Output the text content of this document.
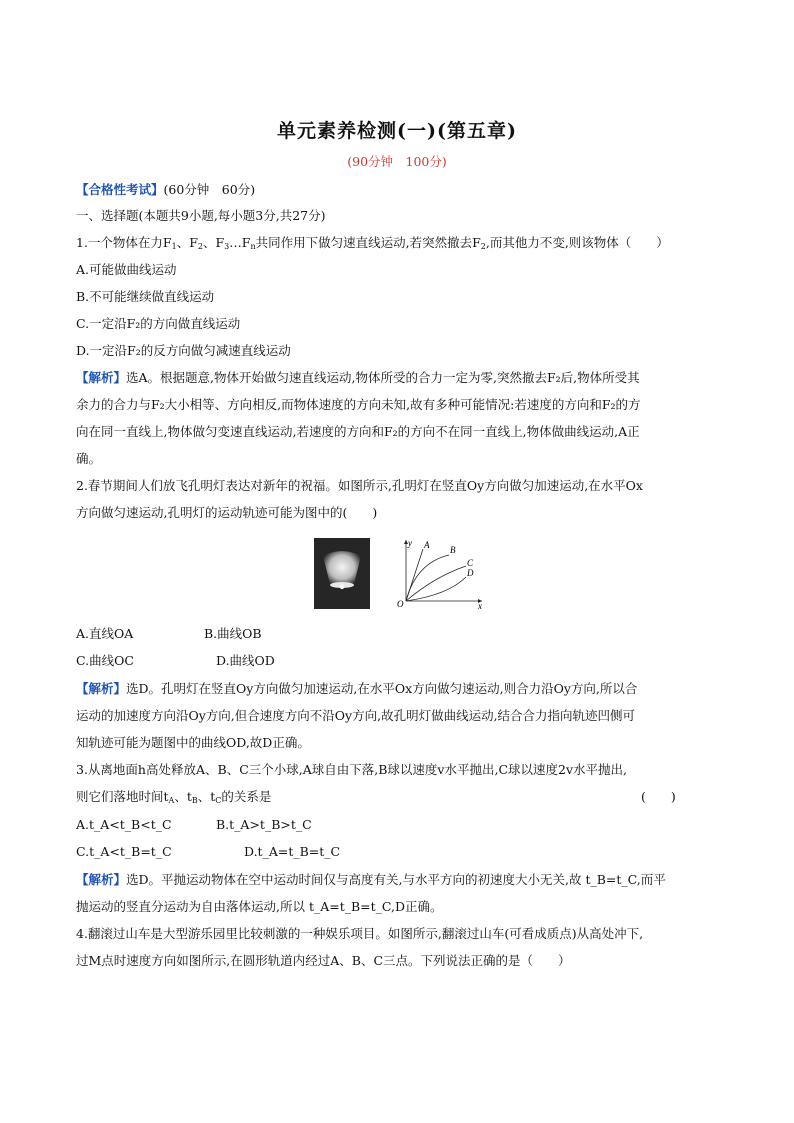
单元素养检测(一)(第五章)
(90分钟　100分)
【合格性考试】(60分钟　60分)
一、选择题(本题共9小题,每小题3分,共27分)
1.一个物体在力$F_1$、$F_2$、$F_3\dots F_n$共同作用下做匀速直线运动,若突然撤去$F_2$,而其他力不变,则该物体（　　）
A.可能做曲线运动
B.不可能继续做直线运动
C.一定沿F₂的方向做直线运动
D.一定沿F₂的反方向做匀减速直线运动
【解析】选A。根据题意,物体开始做匀速直线运动,物体所受的合力一定为零,突然撤去F₂后,物体所受其
余力的合力与F₂大小相等、方向相反,而物体速度的方向未知,故有多种可能情况:若速度的方向和F₂的方
向在同一直线上,物体做匀变速直线运动,若速度的方向和F₂的方向不在同一直线上,物体做曲线运动,A正
确。
2.春节期间人们放飞孔明灯表达对新年的祝福。如图所示,孔明灯在竖直Oy方向做匀加速运动,在水平Ox
方向做匀速运动,孔明灯的运动轨迹可能为图中的(　　)
y A B
C
D
O	x
A.直线OA	B.曲线OB
C.曲线OC	D.曲线OD
【解析】选D。孔明灯在竖直Oy方向做匀加速运动,在水平Ox方向做匀速运动,则合力沿Oy方向,所以合
运动的加速度方向沿Oy方向,但合速度方向不沿Oy方向,故孔明灯做曲线运动,结合合力指向轨迹凹侧可
知轨迹可能为题图中的曲线OD,故D正确。
3.从离地面h高处释放A、B、C三个小球,A球自由下落,B球以速度v水平抛出,C球以速度2v水平抛出,
则它们落地时间$t_A$、$t_B$、$t_C$的关系是	(　　)
A.t_A<t_B<t_C	B.t_A>t_B>t_C
C.t_A<t_B=t_C	D.t_A=t_B=t_C
【解析】选D。平抛运动物体在空中运动时间仅与高度有关,与水平方向的初速度大小无关,故 t_B=t_C,而平
抛运动的竖直分运动为自由落体运动,所以 t_A=t_B=t_C,D正确。
4.翻滚过山车是大型游乐园里比较刺激的一种娱乐项目。如图所示,翻滚过山车(可看成质点)从高处冲下,
过M点时速度方向如图所示,在圆形轨道内经过A、B、C三点。下列说法正确的是（　　）
